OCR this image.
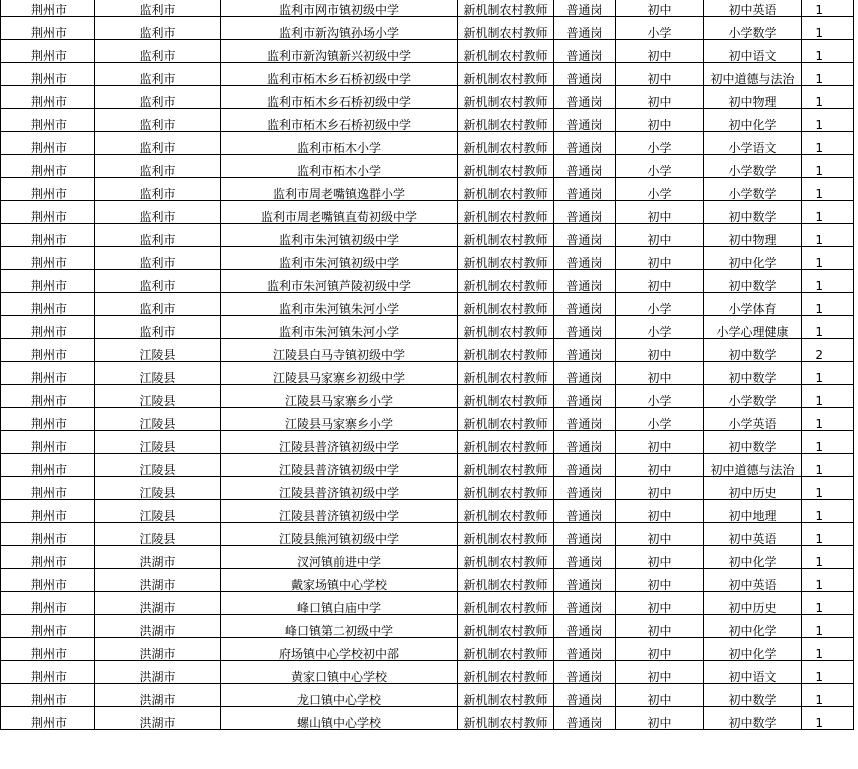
荆州市	监利市	监利市网市镇初级中学	新机制农村教师	普通岗	初中	初中英语	1
荆州市	监利市	监利市新沟镇孙场小学	新机制农村教师	普通岗	小学	小学数学	1
荆州市	监利市	监利市新沟镇新兴初级中学	新机制农村教师	普通岗	初中	初中语文	1
荆州市	监利市	监利市柘木乡石桥初级中学	新机制农村教师	普通岗	初中	初中道德与法治	1
荆州市	监利市	监利市柘木乡石桥初级中学	新机制农村教师	普通岗	初中	初中物理	1
荆州市	监利市	监利市柘木乡石桥初级中学	新机制农村教师	普通岗	初中	初中化学	1
荆州市	监利市	监利市柘木小学	新机制农村教师	普通岗	小学	小学语文	1
荆州市	监利市	监利市柘木小学	新机制农村教师	普通岗	小学	小学数学	1
荆州市	监利市	监利市周老嘴镇逸群小学	新机制农村教师	普通岗	小学	小学数学	1
荆州市	监利市	监利市周老嘴镇直荀初级中学	新机制农村教师	普通岗	初中	初中数学	1
荆州市	监利市	监利市朱河镇初级中学	新机制农村教师	普通岗	初中	初中物理	1
荆州市	监利市	监利市朱河镇初级中学	新机制农村教师	普通岗	初中	初中化学	1
荆州市	监利市	监利市朱河镇芦陵初级中学	新机制农村教师	普通岗	初中	初中数学	1
荆州市	监利市	监利市朱河镇朱河小学	新机制农村教师	普通岗	小学	小学体育	1
荆州市	监利市	监利市朱河镇朱河小学	新机制农村教师	普通岗	小学	小学心理健康	1
荆州市	江陵县	江陵县白马寺镇初级中学	新机制农村教师	普通岗	初中	初中数学	2
荆州市	江陵县	江陵县马家寨乡初级中学	新机制农村教师	普通岗	初中	初中数学	1
荆州市	江陵县	江陵县马家寨乡小学	新机制农村教师	普通岗	小学	小学数学	1
荆州市	江陵县	江陵县马家寨乡小学	新机制农村教师	普通岗	小学	小学英语	1
荆州市	江陵县	江陵县普济镇初级中学	新机制农村教师	普通岗	初中	初中数学	1
荆州市	江陵县	江陵县普济镇初级中学	新机制农村教师	普通岗	初中	初中道德与法治	1
荆州市	江陵县	江陵县普济镇初级中学	新机制农村教师	普通岗	初中	初中历史	1
荆州市	江陵县	江陵县普济镇初级中学	新机制农村教师	普通岗	初中	初中地理	1
荆州市	江陵县	江陵县熊河镇初级中学	新机制农村教师	普通岗	初中	初中英语	1
荆州市	洪湖市	汊河镇前进中学	新机制农村教师	普通岗	初中	初中化学	1
荆州市	洪湖市	戴家场镇中心学校	新机制农村教师	普通岗	初中	初中英语	1
荆州市	洪湖市	峰口镇白庙中学	新机制农村教师	普通岗	初中	初中历史	1
荆州市	洪湖市	峰口镇第二初级中学	新机制农村教师	普通岗	初中	初中化学	1
荆州市	洪湖市	府场镇中心学校初中部	新机制农村教师	普通岗	初中	初中化学	1
荆州市	洪湖市	黄家口镇中心学校	新机制农村教师	普通岗	初中	初中语文	1
荆州市	洪湖市	龙口镇中心学校	新机制农村教师	普通岗	初中	初中数学	1
荆州市	洪湖市	螺山镇中心学校	新机制农村教师	普通岗	初中	初中数学	1
